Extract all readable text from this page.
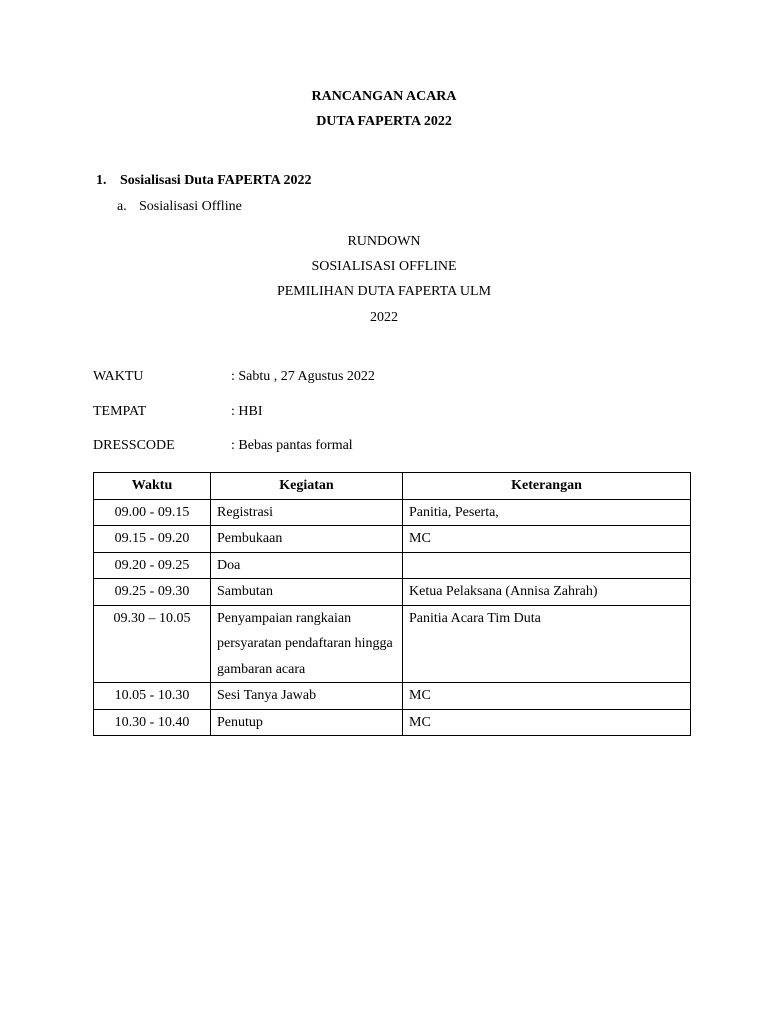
RANCANGAN ACARA
DUTA FAPERTA 2022
1. Sosialisasi Duta FAPERTA 2022
a. Sosialisasi Offline
RUNDOWN
SOSIALISASI OFFLINE
PEMILIHAN DUTA FAPERTA ULM
2022
WAKTU	: Sabtu , 27 Agustus 2022
TEMPAT	: HBI
DRESSCODE	: Bebas pantas formal
Waktu	Kegiatan	Keterangan
09.00 - 09.15	Registrasi	Panitia, Peserta,
09.15 - 09.20	Pembukaan	MC
09.20 - 09.25	Doa	
09.25 - 09.30	Sambutan	Ketua Pelaksana (Annisa Zahrah)
09.30 – 10.05	Penyampaian rangkaian persyaratan pendaftaran hingga gambaran acara	Panitia Acara Tim Duta
10.05 - 10.30	Sesi Tanya Jawab	MC
10.30 - 10.40	Penutup	MC
